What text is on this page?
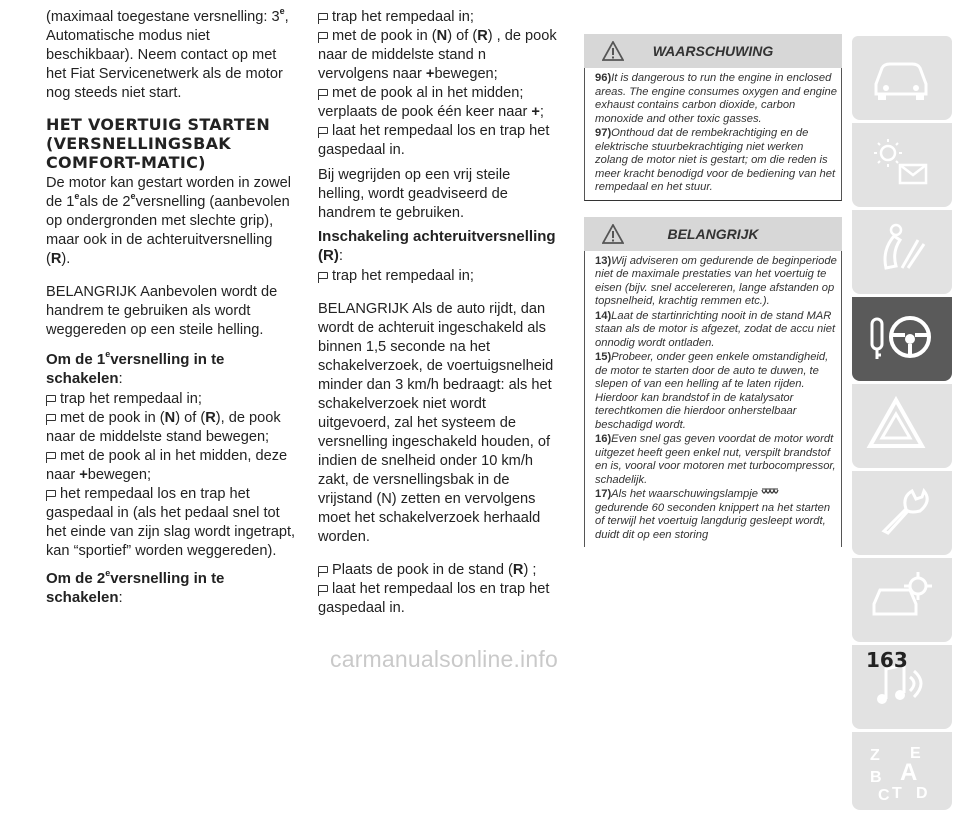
(maximaal toegestane versnelling: 3e, Automatische modus niet beschikbaar). Neem contact op met het Fiat Servicenetwerk als de motor nog steeds niet start.

HET VOERTUIG STARTEN (VERSNELLINGSBAK COMFORT-MATIC)

De motor kan gestart worden in zowel de 1eals de 2eversnelling (aanbevolen op ondergronden met slechte grip), maar ook in de achteruitversnelling (R).

BELANGRIJK Aanbevolen wordt de handrem te gebruiken als wordt weggereden op een steile helling.

Om de 1eversnelling in te schakelen:
trap het rempedaal in;
met de pook in (N) of (R), de pook naar de middelste stand bewegen;
met de pook al in het midden, deze naar +bewegen;
het rempedaal los en trap het gaspedaal in (als het pedaal snel tot het einde van zijn slag wordt ingetrapt, kan “sportief” worden weggereden).
Om de 2eversnelling in te schakelen:
trap het rempedaal in;
met de pook in (N) of (R) , de pook naar de middelste stand n vervolgens naar +bewegen;
met de pook al in het midden; verplaats de pook één keer naar +;
laat het rempedaal los en trap het gaspedaal in.

Bij wegrijden op een vrij steile helling, wordt geadviseerd de handrem te gebruiken.

Inschakeling achteruitversnelling (R):
trap het rempedaal in;

BELANGRIJK Als de auto rijdt, dan wordt de achteruit ingeschakeld als binnen 1,5 seconde na het schakelverzoek, de voertuigsnelheid minder dan 3 km/h bedraagt: als het schakelverzoek niet wordt uitgevoerd, zal het systeem de versnelling ingeschakeld houden, of indien de snelheid onder 10 km/h zakt, de versnellingsbak in de vrijstand (N) zetten en vervolgens moet het schakelverzoek herhaald worden.

Plaats de pook in de stand (R) ;
laat het rempedaal los en trap het gaspedaal in.
WAARSCHUWING

96)It is dangerous to run the engine in enclosed areas. The engine consumes oxygen and engine exhaust contains carbon dioxide, carbon monoxide and other toxic gasses.

97)Onthoud dat de rembekrachtiging en de elektrische stuurbekrachtiging niet werken zolang de motor niet is gestart; om die reden is meer kracht benodigd voor de bediening van het rempedaal en het stuur.

BELANGRIJK

13)Wij adviseren om gedurende de beginperiode niet de maximale prestaties van het voertuig te eisen (bijv. snel accelereren, lange afstanden op topsnelheid, krachtig remmen etc.).

14)Laat de startinrichting nooit in de stand MAR staan als de motor is afgezet, zodat de accu niet onnodig wordt ontladen.

15)Probeer, onder geen enkele omstandigheid, de motor te starten door de auto te duwen, te slepen of van een helling af te laten rijden. Hierdoor kan brandstof in de katalysator terechtkomen die hierdoor onherstelbaar beschadigd wordt.

16)Even snel gas geven voordat de motor wordt uitgezet heeft geen enkel nut, verspilt brandstof en is, vooral voor motoren met turbocompressor, schadelijk.

17)Als het waarschuwingslampje
gedurende 60 seconden knippert na het starten of terwijl het voertuig langdurig gesleept wordt, duidt dit op een storing

Z E
A
B
C T D
carmanualsonline.info	163
